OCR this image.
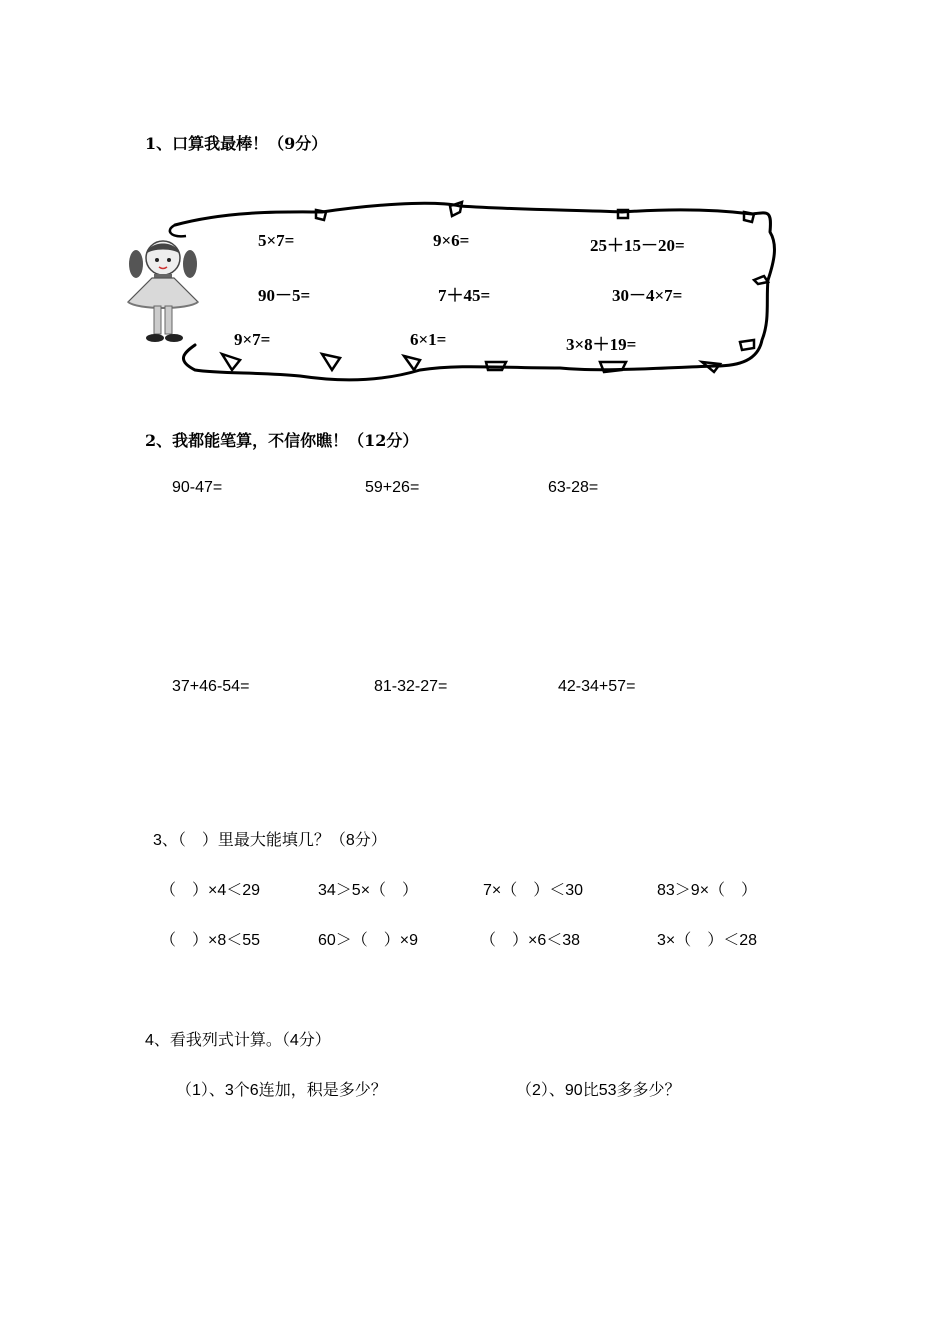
1、口算我最棒！（9分）
5×7=	9×6=	25＋15－20=
90－5=	7＋45=	30－4×7=
9×7=	6×1=	3×8＋19=
2、我都能笔算，不信你瞧！（12分）
90-47=	59+26=	63-28=
37+46-54=	81-32-27=	42-34+57=
3、（　）里最大能填几？（8分）
（　）×4＜29	34＞5×（　）	7×（　）＜30	83＞9×（　）
（　）×8＜55	60＞（　）×9	（　）×6＜38	3×（　）＜28
4、看我列式计算。（4分）
（1）、3个6连加，积是多少？	（2）、90比53多多少？
